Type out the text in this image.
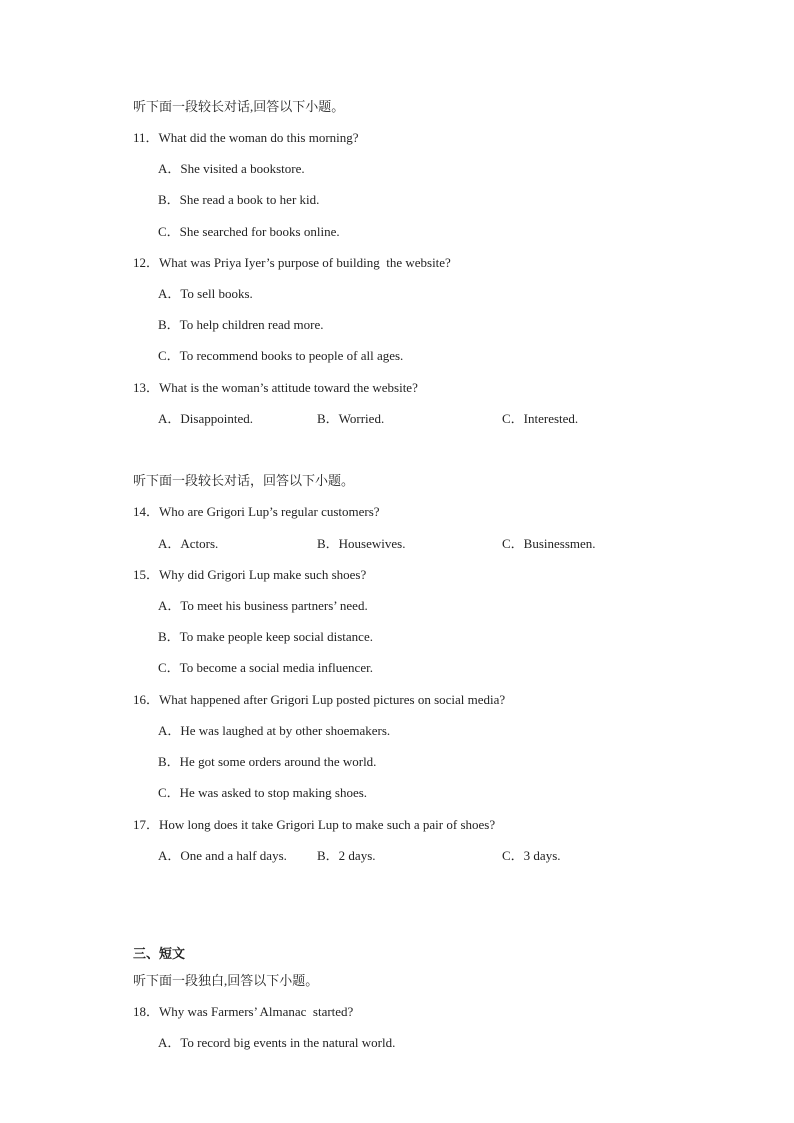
听下面一段较长对话,回答以下小题。
11．What did the woman do this morning?
A．She visited a bookstore.
B．She read a book to her kid.
C．She searched for books online.
12．What was Priya Iyer’s purpose of building  the website?
A．To sell books.
B．To help children read more.
C．To recommend books to people of all ages.
13．What is the woman’s attitude toward the website?
A．Disappointed.	B．Worried.	C．Interested.
听下面一段较长对话，回答以下小题。
14．Who are Grigori Lup’s regular customers?
A．Actors.	B．Housewives.	C．Businessmen.
15．Why did Grigori Lup make such shoes?
A．To meet his business partners’ need.
B．To make people keep social distance.
C．To become a social media influencer.
16．What happened after Grigori Lup posted pictures on social media?
A．He was laughed at by other shoemakers.
B．He got some orders around the world.
C．He was asked to stop making shoes.
17．How long does it take Grigori Lup to make such a pair of shoes?
A．One and a half days. B．2 days.	C．3 days.
三、短文
听下面一段独白,回答以下小题。
18．Why was Farmers’ Almanac  started?
A．To record big events in the natural world.
